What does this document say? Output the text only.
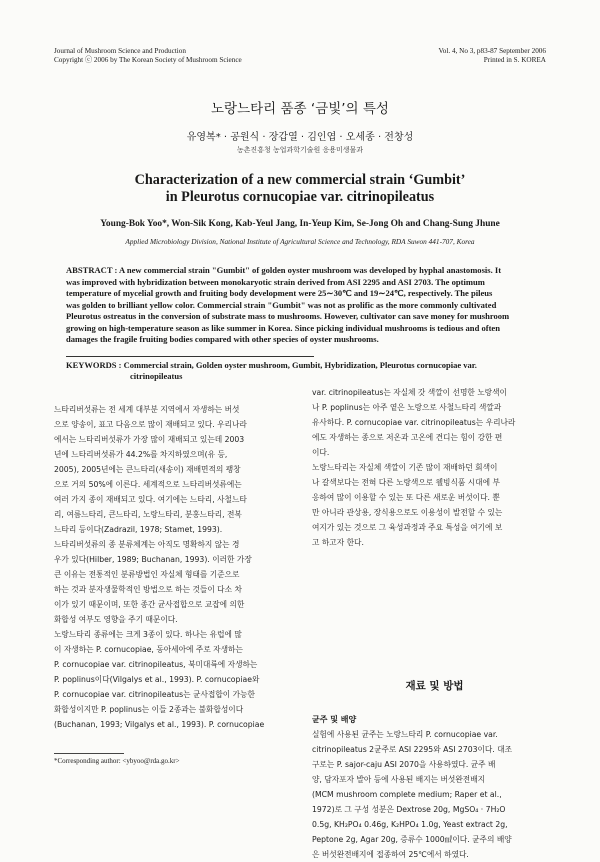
Journal of Mushroom Science and Production
Copyright ⓒ 2006 by The Korean Society of Mushroom Science
Vol. 4, No 3, p83-87 September 2006
Printed in S. KOREA
노랑느타리 품종 ‘금빛’의 특성
유영복* · 공원식 · 장갑열 · 김인엽 · 오세종 · 전창성
농촌진흥청 농업과학기술원 응용미생물과
Characterization of a new commercial strain ‘Gumbit’
in Pleurotus cornucopiae var. citrinopileatus
Young-Bok Yoo*, Won-Sik Kong, Kab-Yeul Jang, In-Yeup Kim, Se-Jong Oh and Chang-Sung Jhune
Applied Microbiology Division, National Institute of Agricultural Science and Technology, RDA Suwon 441-707, Korea

ABSTRACT : A new commercial strain "Gumbit" of golden oyster mushroom was developed by hyphal anastomosis. It

was improved with hybridization between monokaryotic strain derived from ASI 2295 and ASI 2703. The optimum

temperature of mycelial growth and fruiting body development were 25∼30℃ and 19∼24℃, respectively. The pileus

was golden to brilliant yellow color. Commercial strain "Gumbit" was not as prolific as the more commonly cultivated

Pleurotus ostreatus in the conversion of substrate mass to mushrooms. However, cultivator can save money for mushroom

growing on high-temperature season as like summer in Korea. Since picking individual mushrooms is tedious and often

damages the fragile fruiting bodies compared with other species of oyster mushrooms.

KEYWORDS : Commercial strain, Golden oyster mushroom, Gumbit, Hybridization, Pleurotus cornucopiae var.
citrinopileatus

느타리버섯류는 전 세계 대부분 지역에서 자생하는 버섯

으로 양송이, 표고 다음으로 많이 재배되고 있다. 우리나라

에서는 느타리버섯류가 가장 많이 재배되고 있는데 2003

년에 느타리버섯류가 44.2%를 차지하였으며(유 등,

2005), 2005년에는 큰느타리(새송이) 재배면적의 팽창

으로 거의 50%에 이른다. 세계적으로 느타리버섯류에는

여러 가지 종이 재배되고 있다. 여기에는 느타리, 사철느타

리, 여름느타리, 큰느타리, 노랑느타리, 분홍느타리, 전복

느타리 등이다(Zadrazil, 1978; Stamet, 1993).

느타리버섯류의 종 분류체계는 아직도 명확하지 않는 경

우가 있다(Hilber, 1989; Buchanan, 1993). 이러한 가장

큰 이유는 전통적인 분류방법인 자실체 형태를 기준으로

하는 것과 분자생물학적인 방법으로 하는 것들이 다소 차

이가 있기 때문이며, 또한 종간 균사접합으로 교잡에 의한

화합성 여부도 영향을 주기 때문이다.

노랑느타리 종류에는 크게 3종이 있다. 하나는 유럽에 많

이 자생하는 P. cornucopiae, 동아세아에 주로 자생하는

P. cornucopiae var. citrinopileatus, 북미대륙에 자생하는

P. poplinus이다(Vilgalys et al., 1993). P. cornucopiae와

P. cornucopiae var. citrinopileatus는 균사접합이 가능한

화합성이지만 P. poplinus는 이들 2종과는 불화합성이다

(Buchanan, 1993; Vilgalys et al., 1993). P. cornucopiae

var. citrinopileatus는 자실체 갓 색깔이 선명한 노랑색이

나 P. poplinus는 아주 옅은 노랑으로 사철느타리 색깔과

유사하다. P. cornucopiae var. citrinopileatus는 우리나라

에도 자생하는 종으로 저온과 고온에 견디는 힘이 강한 편

이다.

노랑느타리는 자실체 색깔이 기존 많이 재배하던 회색이

나 갈색보다는 전혀 다른 노랑색으로 웰빙식품 시대에 부

응하여 많이 이용할 수 있는 또 다른 새로운 버섯이다. 뿐

만 아니라 관상용, 장식용으로도 이용성이 발전할 수 있는

여지가 있는 것으로 그 육성과정과 주요 특성을 여기에 보

고 하고자 한다.

재료 및 방법
균주 및 배양

실험에 사용된 균주는 노랑느타리 P. cornucopiae var.

citrinopileatus 2균주로 ASI 2295와 ASI 2703이다. 대조

구로는 P. sajor-caju ASI 2070을 사용하였다. 균주 배

양, 담자포자 발아 등에 사용된 배지는 버섯완전배지

(MCM mushroom complete medium; Raper et al.,

1972)로 그 구성 성분은 Dextrose 20g, MgSO₄ · 7H₂O

0.5g, KH₂PO₄ 0.46g, K₂HPO₄ 1.0g, Yeast extract 2g,

Peptone 2g, Agar 20g, 증류수 1000㎖이다. 균주의 배양

은 버섯완전배지에 접종하여 25℃에서 하였다.

*Corresponding author: <ybyoo@rda.go.kr>
